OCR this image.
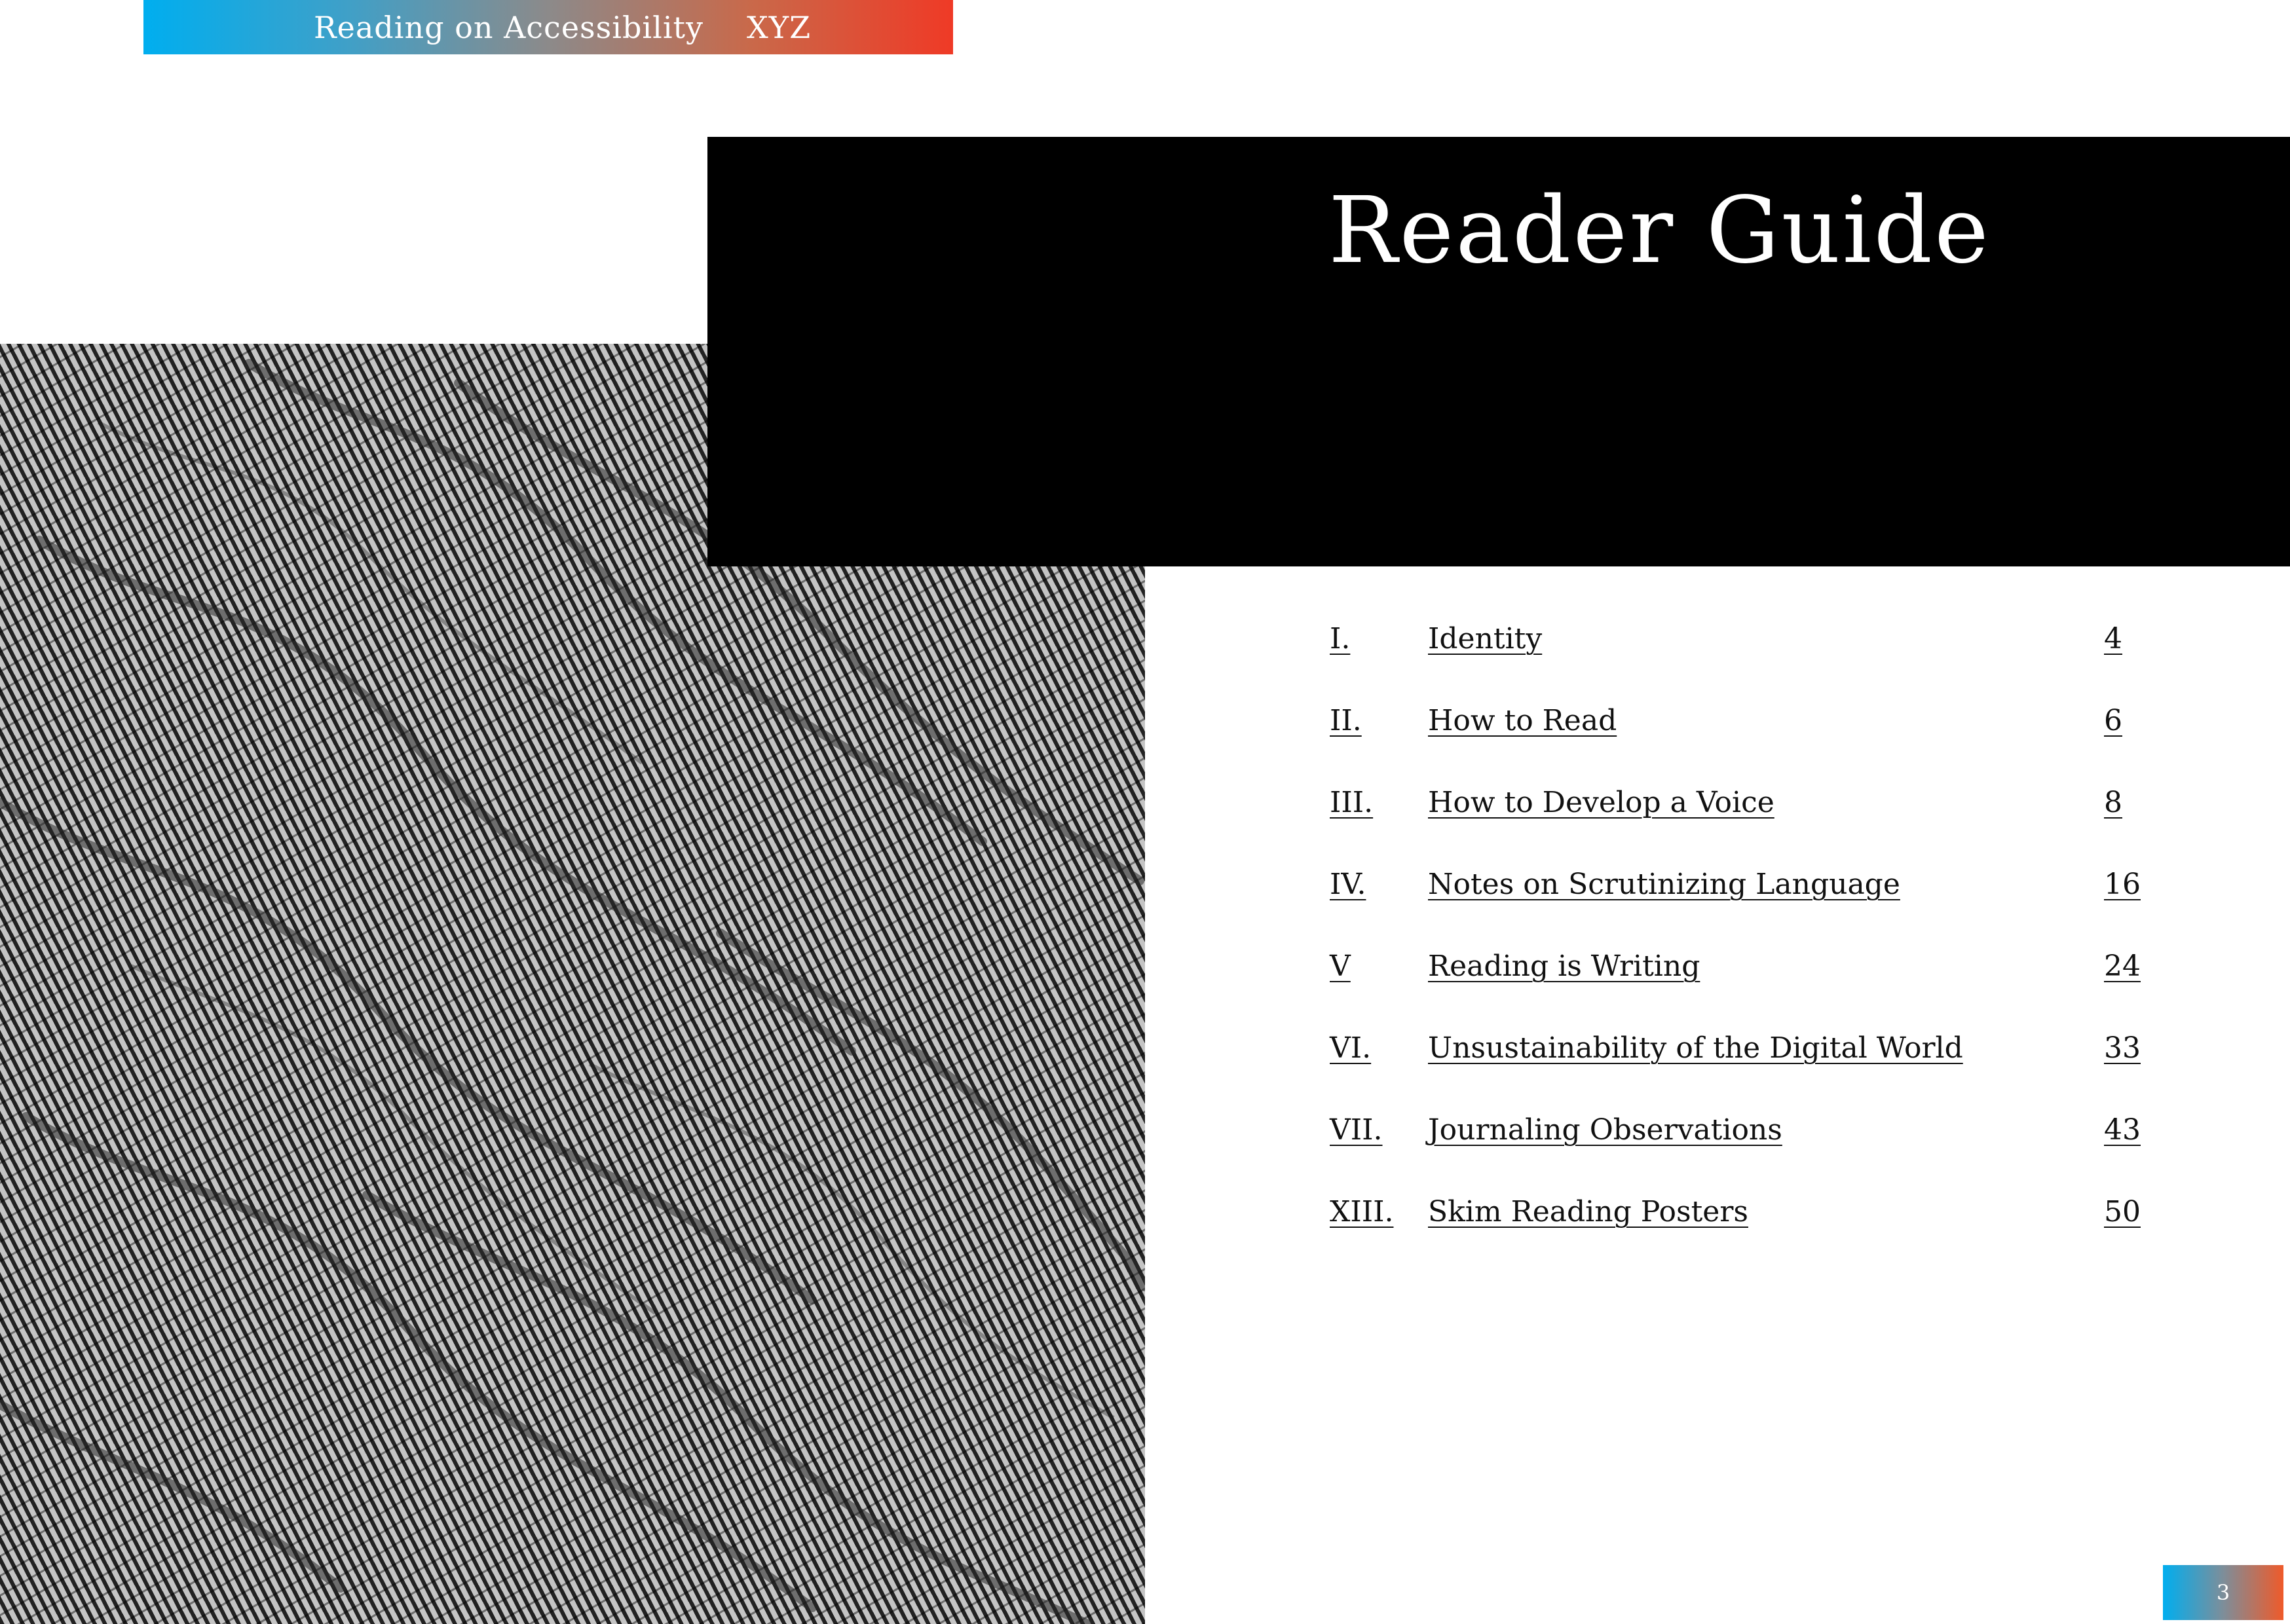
Reading on Accessibility XYZ
Reader Guide
I.	Identity	4
II. How to Read	6
III. How to Develop a Voice	8
IV. Notes on Scrutinizing Language	16
V	Reading is Writing	24
VI. Unsustainability of the Digital World	33
VII. Journaling Observations	43
XIII. Skim Reading Posters	50
3
